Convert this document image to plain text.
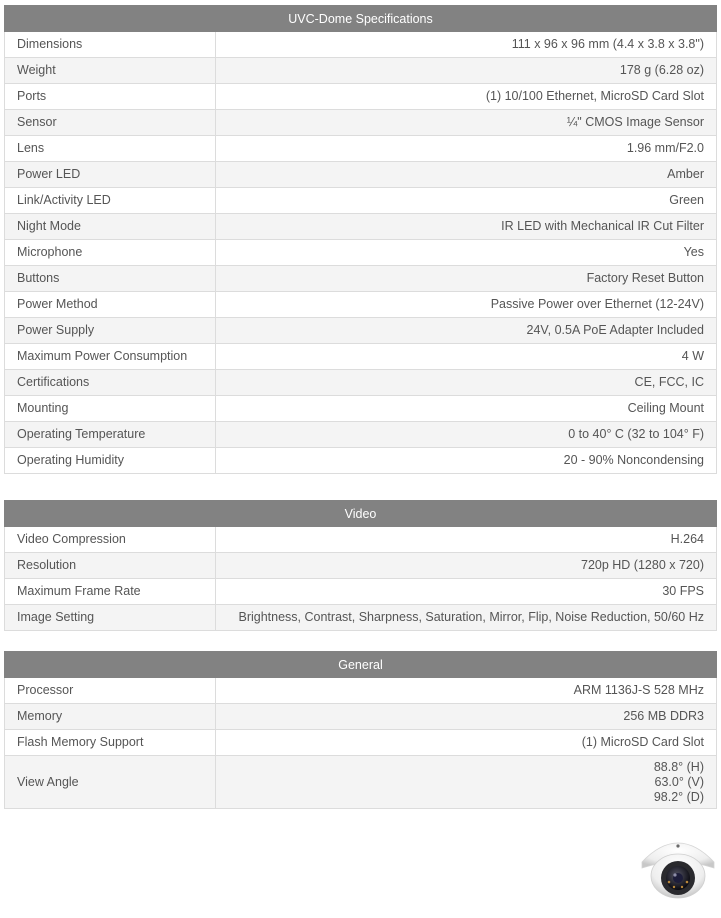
UVC-Dome Specifications	
Dimensions	111 x 96 x 96 mm (4.4 x 3.8 x 3.8")
Weight	178 g (6.28 oz)
Ports	(1) 10/100 Ethernet, MicroSD Card Slot
Sensor	¼" CMOS Image Sensor
Lens	1.96 mm/F2.0
Power LED	Amber
Link/Activity LED	Green
Night Mode	IR LED with Mechanical IR Cut Filter
Microphone	Yes
Buttons	Factory Reset Button
Power Method	Passive Power over Ethernet (12-24V)
Power Supply	24V, 0.5A PoE Adapter Included
Maximum Power Consumption	4 W
Certifications	CE, FCC, IC
Mounting	Ceiling Mount
Operating Temperature	0 to 40° C (32 to 104° F)
Operating Humidity	20 - 90% Noncondensing
Video	
Video Compression	H.264
Resolution	720p HD (1280 x 720)
Maximum Frame Rate	30 FPS
Image Setting	Brightness, Contrast, Sharpness, Saturation, Mirror, Flip, Noise Reduction, 50/60 Hz
General	
Processor	ARM 1136J-S 528 MHz
Memory	256 MB DDR3
Flash Memory Support	(1) MicroSD Card Slot
View Angle	88.8° (H)
63.0° (V)
98.2° (D)
